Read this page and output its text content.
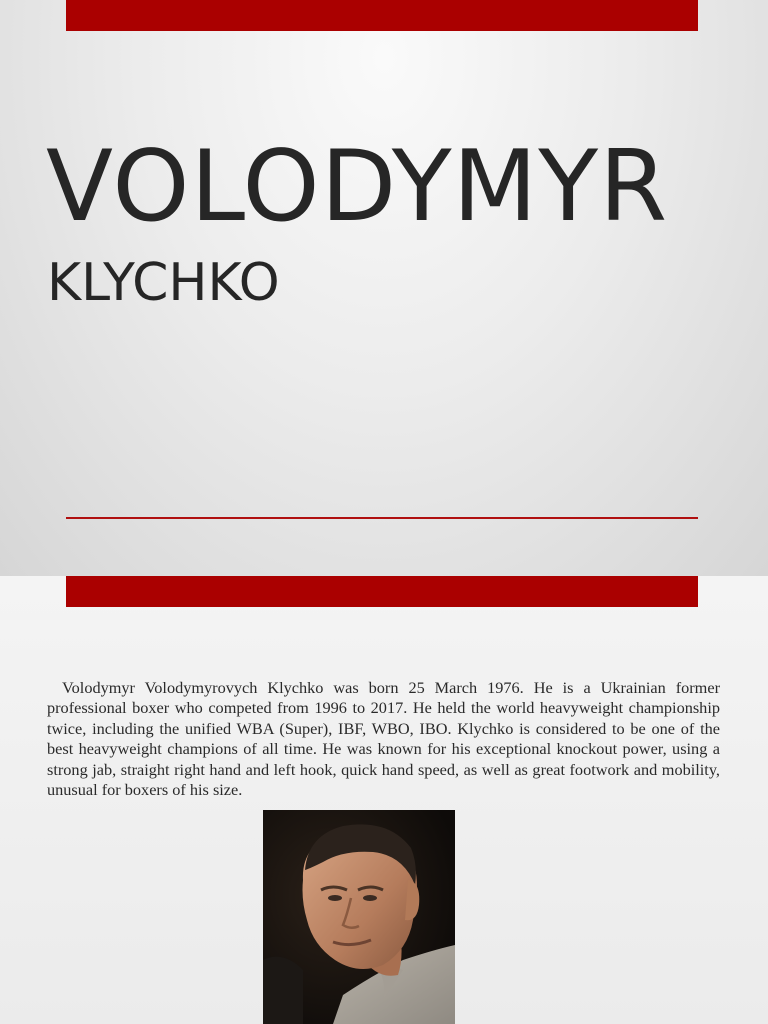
VOLODYMYR
KLYCHKO

Volodymyr Volodymyrovych Klychko was born 25 March 1976. He is a Ukrainian former professional boxer who competed from 1996 to 2017. He held the world heavyweight championship twice, including the unified WBA (Super), IBF, WBO, IBO. Klychko is considered to be one of the best heavyweight champions of all time. He was known for his exceptional knockout power, using a strong jab, straight right hand and left hook, quick hand speed, as well as great footwork and mobility, unusual for boxers of his size.
